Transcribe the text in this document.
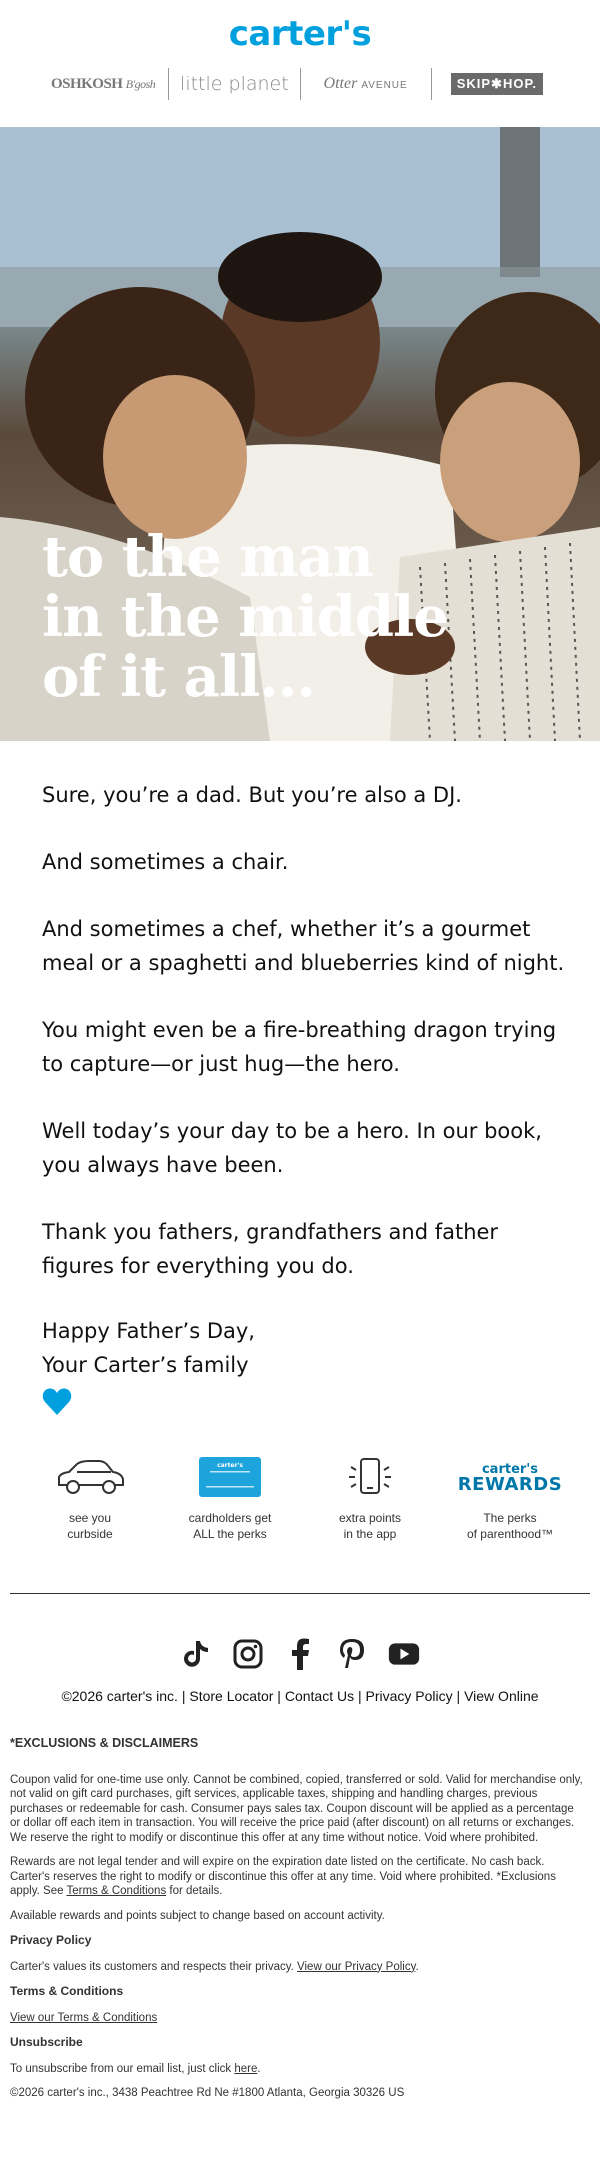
carter's
OSHKOSH B'gosh	little planet	Otter AVENUE	SKIP✱HOP.
to the man
in the middle
of it all...

Sure, you’re a dad. But you’re also a DJ.

And sometimes a chair.

And sometimes a chef, whether it’s a gourmet meal or a spaghetti and blueberries kind of night.

You might even be a fire-breathing dragon trying to capture—or just hug—the hero.

Well today’s your day to be a hero. In our book, you always have been.

Thank you fathers, grandfathers and father figures for everything you do.

Happy Father’s Day,
Your Carter’s family
see you
curbside
carter's
cardholders get
ALL the perks
extra points
in the app
carter's
REWARDS
The perks
of parenthood™
©2026 carter's inc. | Store Locator | Contact Us | Privacy Policy | View Online
*EXCLUSIONS & DISCLAIMERS

Coupon valid for one-time use only. Cannot be combined, copied, transferred or sold. Valid for merchandise only, not valid on gift card purchases, gift services, applicable taxes, shipping and handling charges, previous purchases or redeemable for cash. Consumer pays sales tax. Coupon discount will be applied as a percentage or dollar off each item in transaction. You will receive the price paid (after discount) on all returns or exchanges. We reserve the right to modify or discontinue this offer at any time without notice. Void where prohibited.

Rewards are not legal tender and will expire on the expiration date listed on the certificate. No cash back. Carter's reserves the right to modify or discontinue this offer at any time. Void where prohibited. *Exclusions apply. See Terms & Conditions for details.

Available rewards and points subject to change based on account activity.

Privacy Policy

Carter's values its customers and respects their privacy. View our Privacy Policy.

Terms & Conditions

View our Terms & Conditions

Unsubscribe

To unsubscribe from our email list, just click here.

©2026 carter's inc., 3438 Peachtree Rd Ne #1800 Atlanta, Georgia 30326 US
